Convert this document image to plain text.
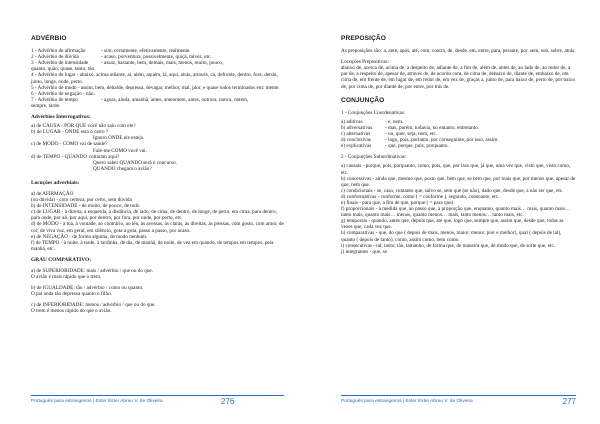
ADVÉRBIO
1 - Advérbio de afirmação	- sim, certamente, efetivamente, realmente.
2 - Advérbio de dúvida	- acaso, porventura, possivelmente, quiçá, talvez, etc.
3 - Advérbio de intensidade	- assaz, bastante, bem, demais, mais, menos, muito, pouco,

quanto, quão, quase, tanto, tão.

4 - Advérbio de lugar - abaixo, acima adiante, aí, além, aquém, lá, aqui, atrás, através, cá, defronte, dentro, fora, detrás, junto, longe, onde, perto.

5 - Advérbio de modo - assim, bem, debalde, depressa, devagar, melhor, mal, pior, e quase todos terminados em: mente.

6 - Advérbio de negação - não.

7 - Advérbio de tempo	- agora, ainda, amanhã, antes, anteontem, antes, outrora, nunca, ontem,

sempre, tarde.

Advérbios Interrogativos:

a) de CAUSA - POR QUE você não saiu com ele?

b) de LUGAR - ONDE está o carro ?

Ignoro ONDE ele esteja.

c) de MODO - COMO vai de saúde?

Fale-me COMO você vai.

d) de TEMPO - QUANDO voltaram aqui?

Quero saber QUANDO será o concurso.

QUANDO chegará o avião?

Locuções adverbiais:

a) de AFIRMAÇÃO

(ou dúvida) - com certeza, por certo, sem dúvida

b) de INTENSIDADE - de muito, de pouco, de tudo

c) de LUGAR - à direita, à esquerda, à distância, de lado, de cima, de dentro, de longe, de perto, em cima, para dentro, para onde, por ali, por aqui, por dentro, por fora, por onde, por perto, etc.

d) de MODO - à toa, à vontade, ao contrário, ao léu, às avessas, às claras, às direitas, às pressas, com gosto, com amor, de cor, de viva voz, em geral, em silêncio, gota a gota, passo a passo, por acaso.

e) de NEGAÇÃO - de forma alguma, de modo nenhum.

f) de TEMPO - à noite, à tarde, à tardinha, de dia, de manhã, de noite, de vez em quando, de tempos em tempos, pela manhã, etc.

GRAU COMPARATIVO:

a) de SUPERIORIDADE: mais / advérbio / que ou do que.

O avião é mais rápido que o trem.

b) de IGUALDADE: tão / advérbio / como ou quanto.

O pai anda tão depressa quanto o filho.

c) de INFERIORIDADE: menos / advérbio / que ou do que.

O trem é menos rápido do que o avião.

Português para estrangeiros | Ester Ester Abreu V. de Oliveira	276
PREPOSIÇÃO

As preposições são: a, ante, após, até, com, contra, de, desde, em, entre, para, perante, por, sem, sob, sobre, atrás.

Locuções Prepositivas:

abaixo de, acerca de, acima de, a despeito de, adiante de, a fim de, além de, antes de, ao lado de, ao redor de, a par de, a respeito de, apesar de, através de, de acordo com, de cima de, debaixo de, diante de, embaixo de, em cima de, em frente de, em lugar de, em redor de, em vez de, graças a, junto de, para baixo de, perto de, por baixo de, por cima de, por diante de, por entre, por trás de.

CONJUNÇÃO

1 - Conjunções Coordenativas:

a) aditivas	- e, nem.
b) adversativas	- mas, porém, todavia, no entanto, entretanto.
c) alternativas	- ou, quer, seja, nem, etc.
d) conclusivas	- logo, pois, portanto, por conseguinte, por isso, assim.
e) explicativas	- que, porque, pois, porquanto.

2 - Conjunções Subordinativas:

a) causais - porque, pois, porquanto, como, pois, que, por isso que, já que, uma vez que, visto que, visto como, etc.

b) concessivas - ainda que, mesmo que, posto que, bem que, se bem que, por mais que, por menos que, apesar de que, nem que.

c) condicionais - se, caso, contanto que, salvo se, sem que (se não), dado que, desde que, a não ser que, etc.

d) conformativas - conforme, como ( = conforme ), segundo, consoante, etc.

e) finais - para que, a fim de que, porque ( = para que).

f) proporcionais - à medida que, ao passo que, à proporção que, enquanto, quanto mais… mais, quanto mais… tanto mais, quanto mais… menos, quanto menos… mais, tanto menos… tanto mais, etc.

g) temporais - quando, antes que, depois que, até que, logo que, sempre que, assim que, desde que, todas as vezes que, cada vez que.

h) comparativas - que, do que ( depois de mais, menos, maior, menor, pior e melhor), qual ( depois de tal), quanto ( depois de tanto), como, assim como, bem como.

i) consecutivas - tal, tanto, tão, tamanho, de forma que, de maneira que, de modo que, de sorte que, etc.

j) integrantes - que, se.

Português para estrangeiros | Ester Ester Abreu V. de Oliveira	277
